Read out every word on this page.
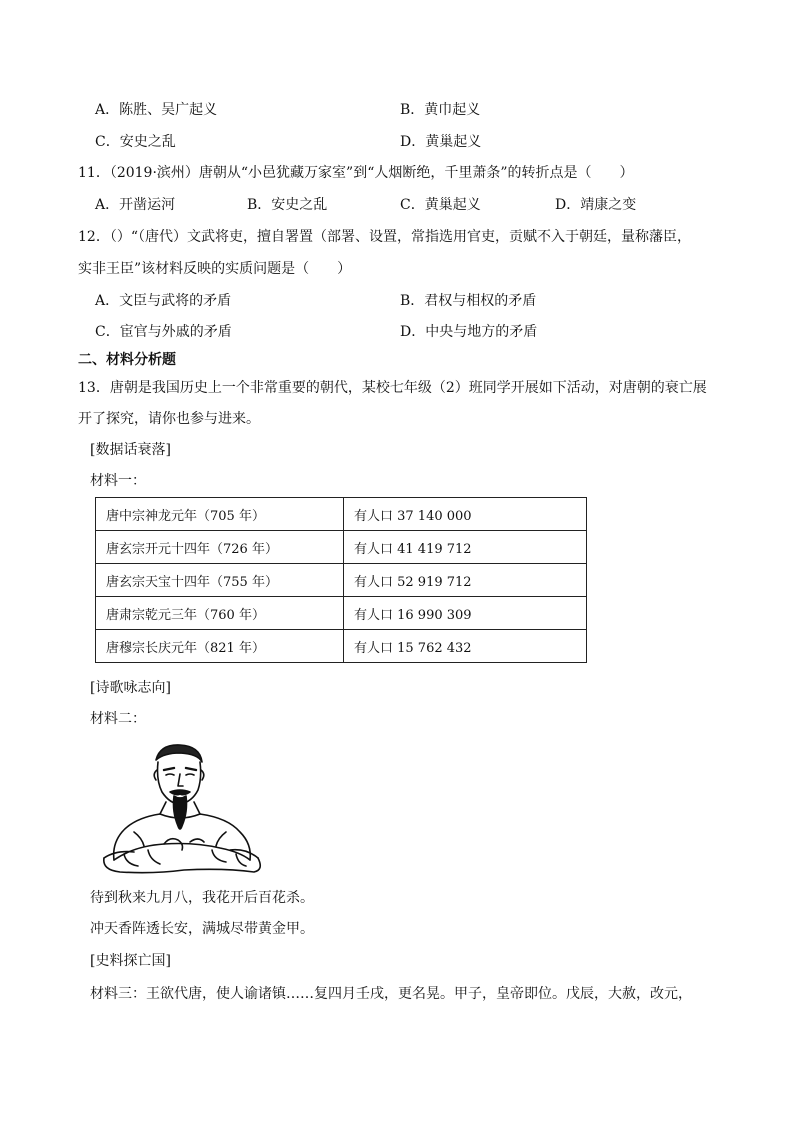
A．陈胜、吴广起义	B．黄巾起义
C．安史之乱	D．黄巢起义
11．（2019·滨州）唐朝从“小邑犹藏万家室”到“人烟断绝，千里萧条”的转折点是（　　）
A．开凿运河	B．安史之乱	C．黄巢起义	D．靖康之变
12．（）“（唐代）文武将吏，擅自署置（部署、设置，常指选用官吏，贡赋不入于朝廷，量称藩臣，
实非王臣”该材料反映的实质问题是（　　）
A．文臣与武将的矛盾	B．君权与相权的矛盾
C．宦官与外戚的矛盾	D．中央与地方的矛盾
二、材料分析题
13．唐朝是我国历史上一个非常重要的朝代，某校七年级（2）班同学开展如下活动，对唐朝的衰亡展
开了探究，请你也参与进来。
[数据话衰落]
材料一：
唐中宗神龙元年（705 年）	有人口 37 140 000
唐玄宗开元十四年（726 年）	有人口 41 419 712
唐玄宗天宝十四年（755 年）	有人口 52 919 712
唐肃宗乾元三年（760 年）	有人口 16 990 309
唐穆宗长庆元年（821 年）	有人口 15 762 432
[诗歌咏志向]
材料二：
待到秋来九月八，我花开后百花杀。
冲天香阵透长安，满城尽带黄金甲。
[史料探亡国]
材料三：王欲代唐，使人谕诸镇……复四月壬戌，更名晃。甲子，皇帝即位。戊辰，大赦，改元，
